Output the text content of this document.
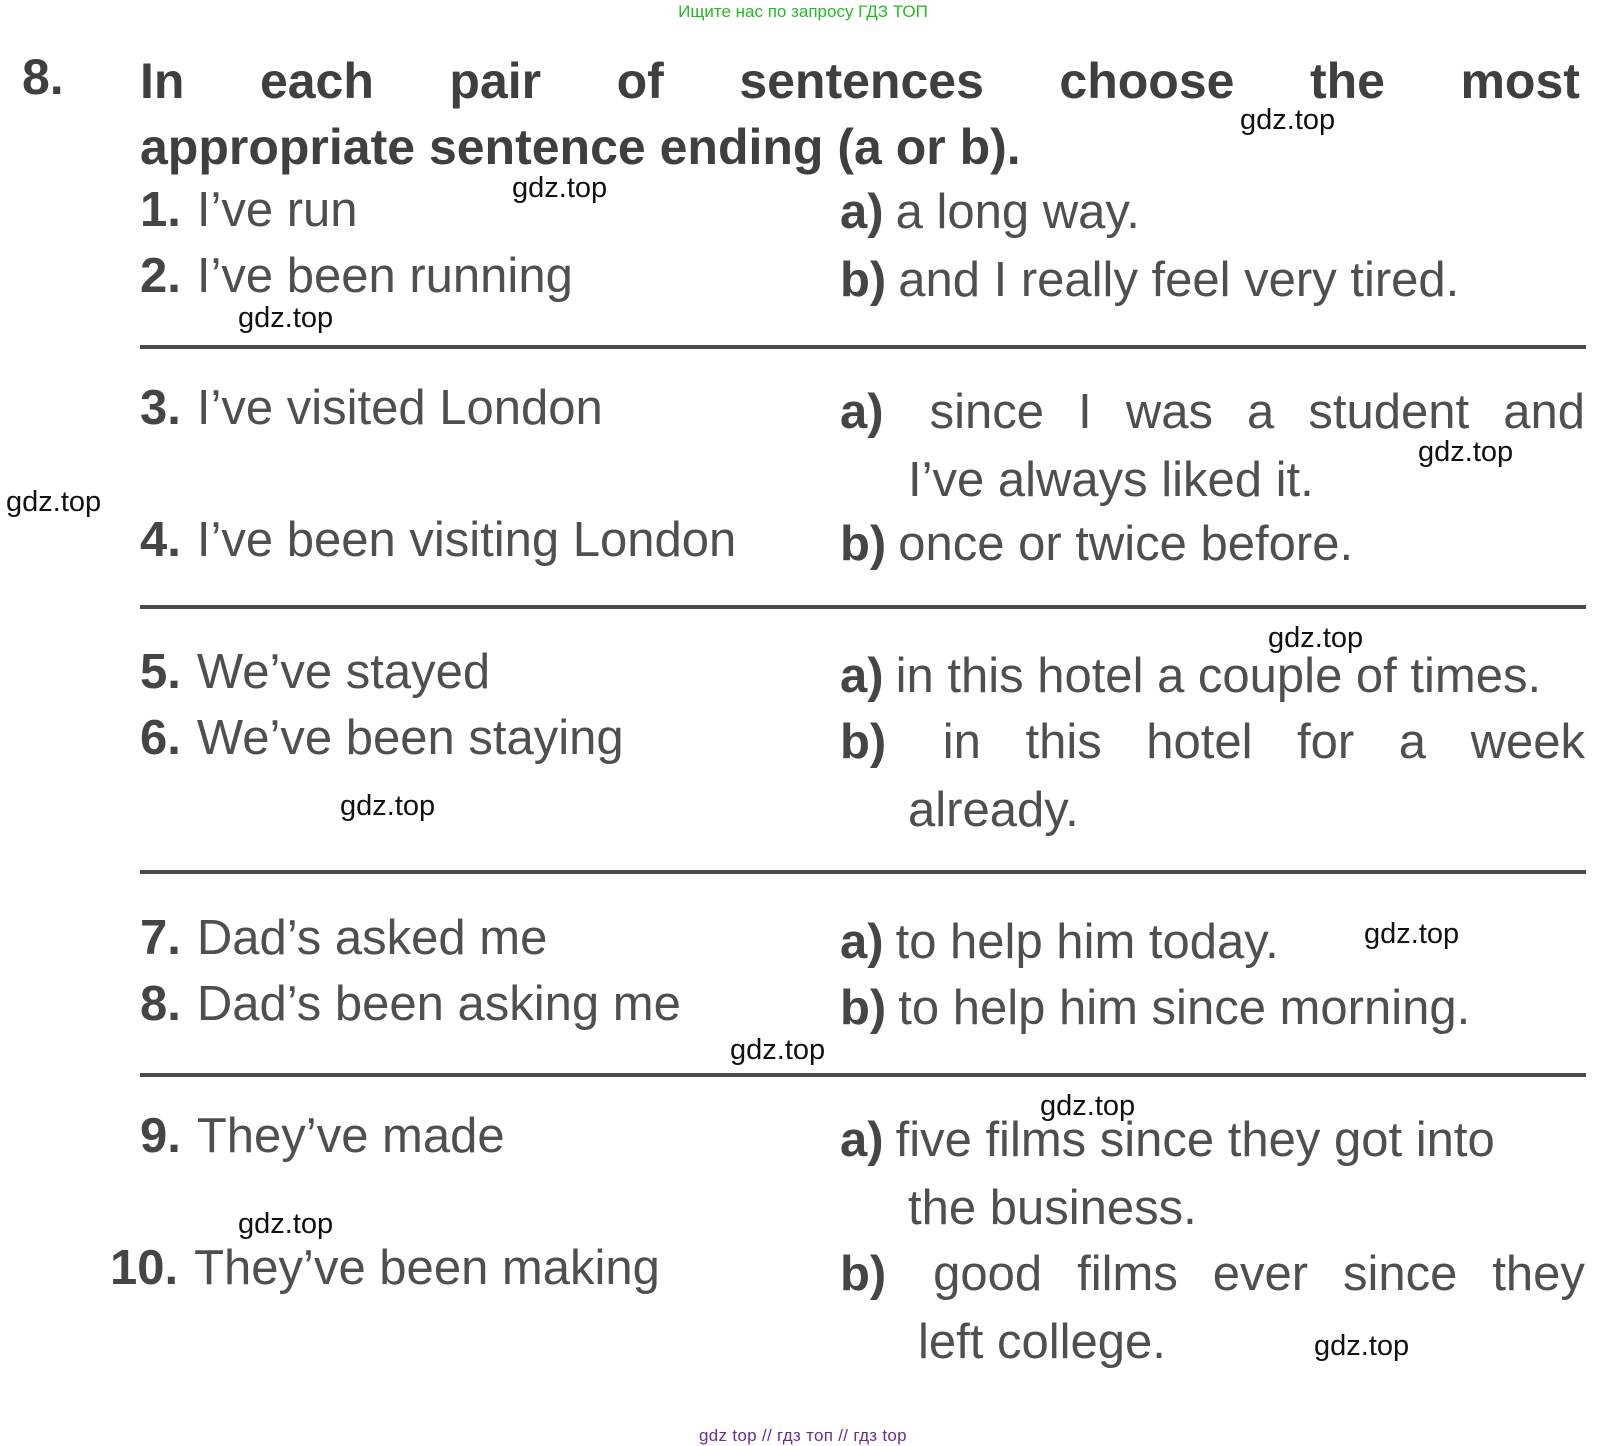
Ищите нас по запросу ГДЗ ТОП
8. In each pair of sentences choose the most
appropriate sentence ending (a or b).
1. I’ve run
2. I’ve been running
a) a long way.
b) and I really feel very tired.
3. I’ve visited London
4. I’ve been visiting London
a) since I was a student and
I’ve always liked it.
b) once or twice before.
5. We’ve stayed
6. We’ve been staying
a) in this hotel a couple of times.
b) in this hotel for a week
already.
7. Dad’s asked me
8. Dad’s been asking me
a) to help him today.
b) to help him since morning.
9. They’ve made
10. They’ve been making
a) five films since they got into
the business.
b) good films ever since they
left college.
gdz.top
gdz.top
gdz.top
gdz.top
gdz.top
gdz.top
gdz.top
gdz.top
gdz.top
gdz.top
gdz.top
gdz.top
gdz top // гдз топ // гдз top
